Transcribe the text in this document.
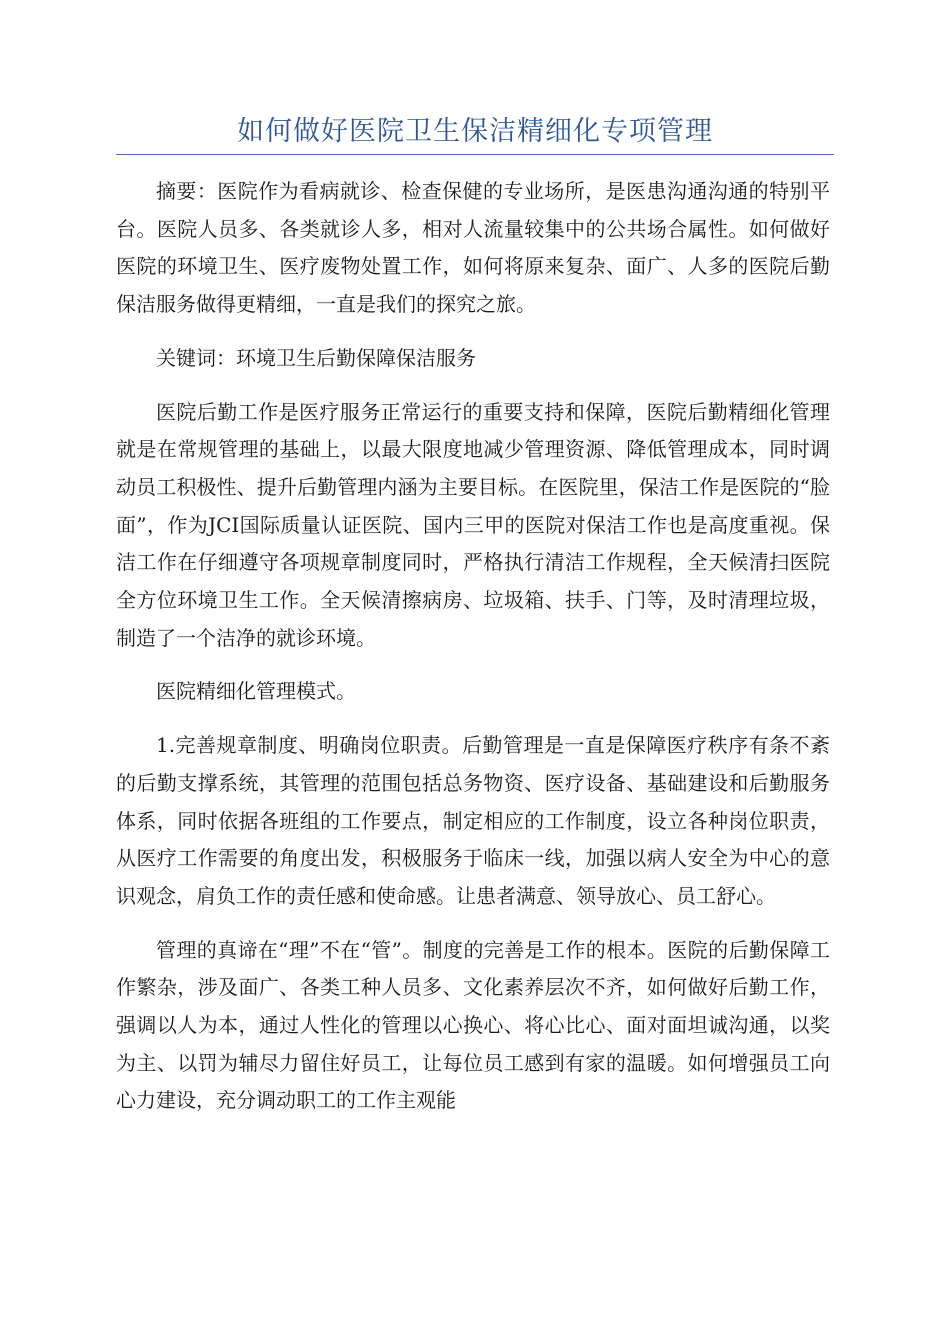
如何做好医院卫生保洁精细化专项管理

摘要：医院作为看病就诊、检查保健的专业场所，是医患沟通沟通的特别平台。医院人员多、各类就诊人多，相对人流量较集中的公共场合属性。如何做好医院的环境卫生、医疗废物处置工作，如何将原来复杂、面广、人多的医院后勤保洁服务做得更精细，一直是我们的探究之旅。

关键词：环境卫生后勤保障保洁服务

医院后勤工作是医疗服务正常运行的重要支持和保障，医院后勤精细化管理就是在常规管理的基础上，以最大限度地减少管理资源、降低管理成本，同时调动员工积极性、提升后勤管理内涵为主要目标。在医院里，保洁工作是医院的“脸面”，作为JCI国际质量认证医院、国内三甲的医院对保洁工作也是高度重视。保洁工作在仔细遵守各项规章制度同时，严格执行清洁工作规程，全天候清扫医院全方位环境卫生工作。全天候清擦病房、垃圾箱、扶手、门等，及时清理垃圾，制造了一个洁净的就诊环境。

医院精细化管理模式。

1.完善规章制度、明确岗位职责。后勤管理是一直是保障医疗秩序有条不紊的后勤支撑系统，其管理的范围包括总务物资、医疗设备、基础建设和后勤服务体系，同时依据各班组的工作要点，制定相应的工作制度，设立各种岗位职责，从医疗工作需要的角度出发，积极服务于临床一线，加强以病人安全为中心的意识观念，肩负工作的责任感和使命感。让患者满意、领导放心、员工舒心。

管理的真谛在“理”不在“管”。制度的完善是工作的根本。医院的后勤保障工作繁杂，涉及面广、各类工种人员多、文化素养层次不齐，如何做好后勤工作，强调以人为本，通过人性化的管理以心换心、将心比心、面对面坦诚沟通，以奖为主、以罚为辅尽力留住好员工，让每位员工感到有家的温暖。如何增强员工向心力建设，充分调动职工的工作主观能
